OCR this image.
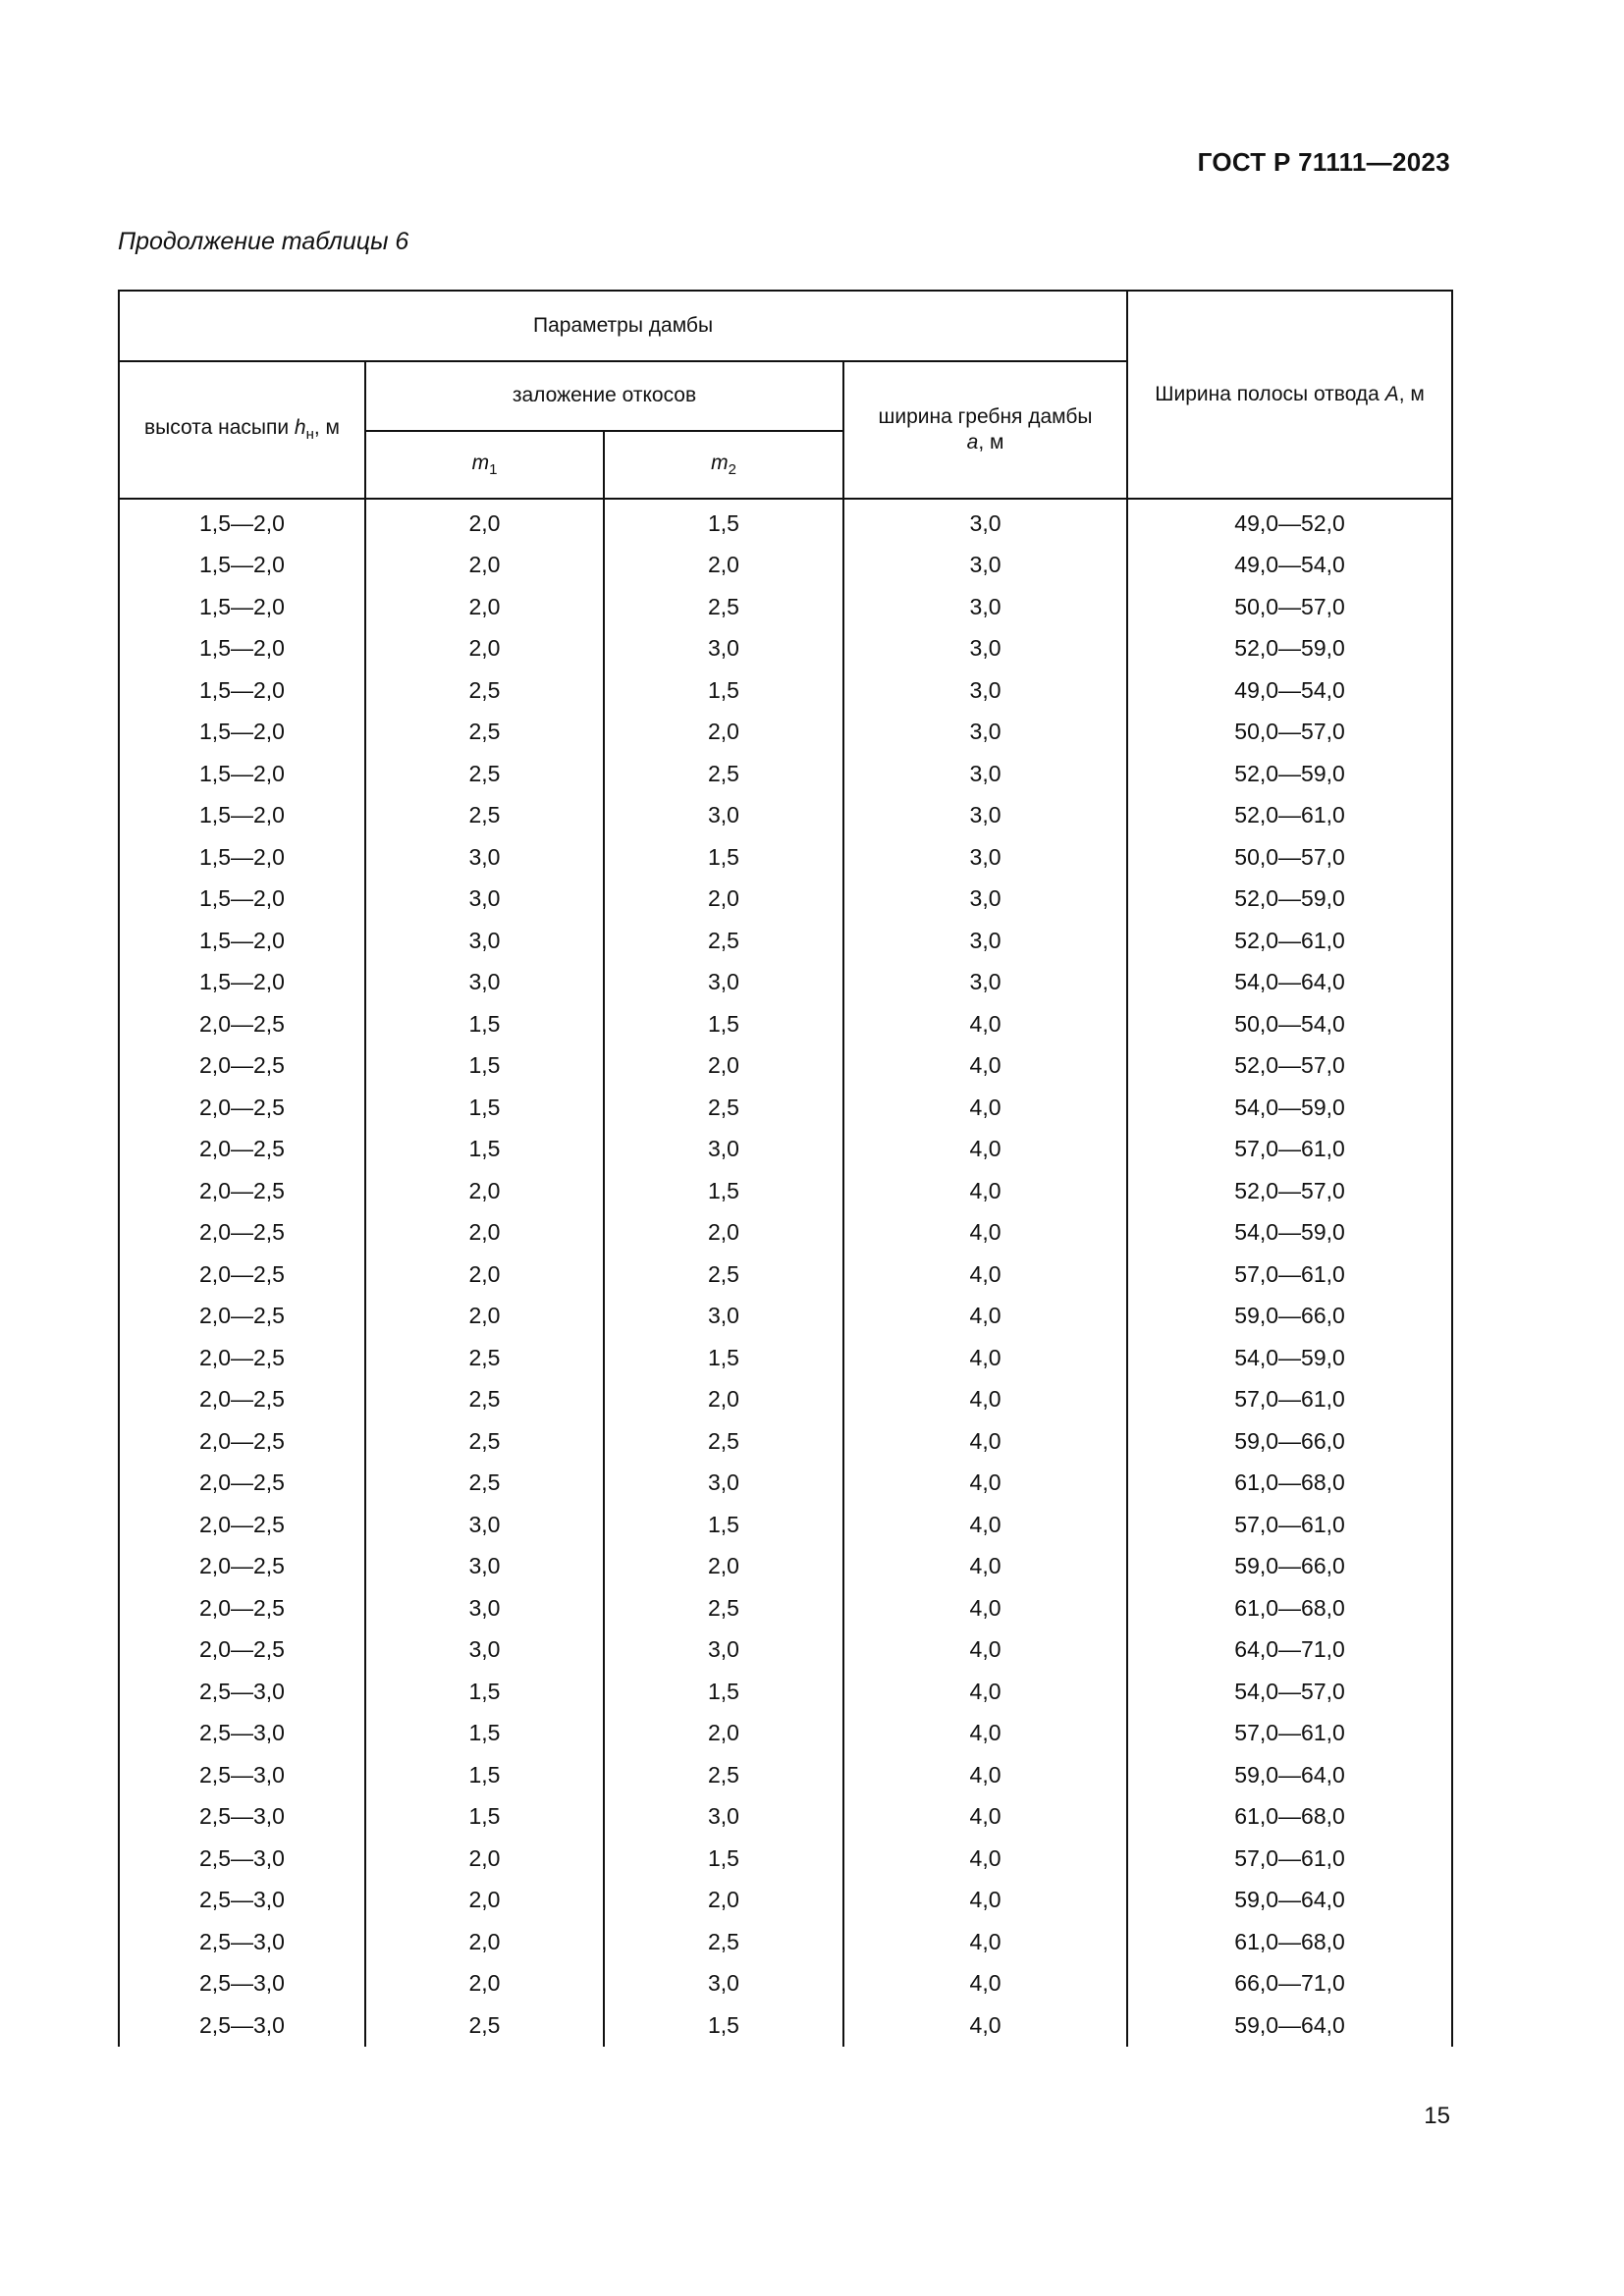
ГОСТ Р 71111—2023
Продолжение таблицы 6
Параметры дамбы				Ширина полосы отвода А, м
высота насыпи $h_н$, м	заложение откосов		ширина гребня дамбы
а, м	
	$m_1$	$m_2$

1,5—2,0	2,0	1,5	3,0	49,0—52,0
1,5—2,0	2,0	2,0	3,0	49,0—54,0
1,5—2,0	2,0	2,5	3,0	50,0—57,0
1,5—2,0	2,0	3,0	3,0	52,0—59,0
1,5—2,0	2,5	1,5	3,0	49,0—54,0
1,5—2,0	2,5	2,0	3,0	50,0—57,0
1,5—2,0	2,5	2,5	3,0	52,0—59,0
1,5—2,0	2,5	3,0	3,0	52,0—61,0
1,5—2,0	3,0	1,5	3,0	50,0—57,0
1,5—2,0	3,0	2,0	3,0	52,0—59,0
1,5—2,0	3,0	2,5	3,0	52,0—61,0
1,5—2,0	3,0	3,0	3,0	54,0—64,0
2,0—2,5	1,5	1,5	4,0	50,0—54,0
2,0—2,5	1,5	2,0	4,0	52,0—57,0
2,0—2,5	1,5	2,5	4,0	54,0—59,0
2,0—2,5	1,5	3,0	4,0	57,0—61,0
2,0—2,5	2,0	1,5	4,0	52,0—57,0
2,0—2,5	2,0	2,0	4,0	54,0—59,0
2,0—2,5	2,0	2,5	4,0	57,0—61,0
2,0—2,5	2,0	3,0	4,0	59,0—66,0
2,0—2,5	2,5	1,5	4,0	54,0—59,0
2,0—2,5	2,5	2,0	4,0	57,0—61,0
2,0—2,5	2,5	2,5	4,0	59,0—66,0
2,0—2,5	2,5	3,0	4,0	61,0—68,0
2,0—2,5	3,0	1,5	4,0	57,0—61,0
2,0—2,5	3,0	2,0	4,0	59,0—66,0
2,0—2,5	3,0	2,5	4,0	61,0—68,0
2,0—2,5	3,0	3,0	4,0	64,0—71,0
2,5—3,0	1,5	1,5	4,0	54,0—57,0
2,5—3,0	1,5	2,0	4,0	57,0—61,0
2,5—3,0	1,5	2,5	4,0	59,0—64,0
2,5—3,0	1,5	3,0	4,0	61,0—68,0
2,5—3,0	2,0	1,5	4,0	57,0—61,0
2,5—3,0	2,0	2,0	4,0	59,0—64,0
2,5—3,0	2,0	2,5	4,0	61,0—68,0
2,5—3,0	2,0	3,0	4,0	66,0—71,0
2,5—3,0	2,5	1,5	4,0	59,0—64,0
15
